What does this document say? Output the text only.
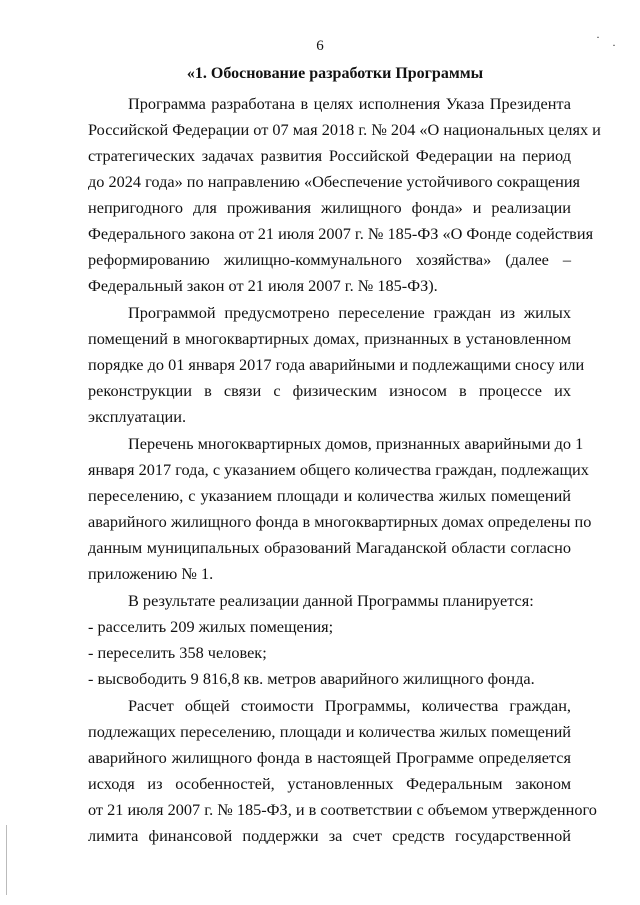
6
«1. Обоснование разработки Программы
Программа разработана в целях исполнения Указа Президента
Российской Федерации от 07 мая 2018 г. № 204 «О национальных целях и
стратегических задачах развития Российской Федерации на период
до 2024 года» по направлению «Обеспечение устойчивого сокращения
непригодного для проживания жилищного фонда» и реализации
Федерального закона от 21 июля 2007 г. № 185-ФЗ «О Фонде содействия
реформированию жилищно-коммунального хозяйства» (далее –
Федеральный закон от 21 июля 2007 г. № 185-ФЗ).
Программой предусмотрено переселение граждан из жилых
помещений в многоквартирных домах, признанных в установленном
порядке до 01 января 2017 года аварийными и подлежащими сносу или
реконструкции в связи с физическим износом в процессе их
эксплуатации.
Перечень многоквартирных домов, признанных аварийными до 1
января 2017 года, с указанием общего количества граждан, подлежащих
переселению, с указанием площади и количества жилых помещений
аварийного жилищного фонда в многоквартирных домах определены по
данным муниципальных образований Магаданской области согласно
приложению № 1.
В результате реализации данной Программы планируется:
- расселить 209 жилых помещения;
- переселить 358 человек;
- высвободить 9 816,8 кв. метров аварийного жилищного фонда.
Расчет общей стоимости Программы, количества граждан,
подлежащих переселению, площади и количества жилых помещений
аварийного жилищного фонда в настоящей Программе определяется
исходя из особенностей, установленных Федеральным законом
от 21 июля 2007 г. № 185-ФЗ, и в соответствии с объемом утвержденного
лимита финансовой поддержки за счет средств государственной
·
·
